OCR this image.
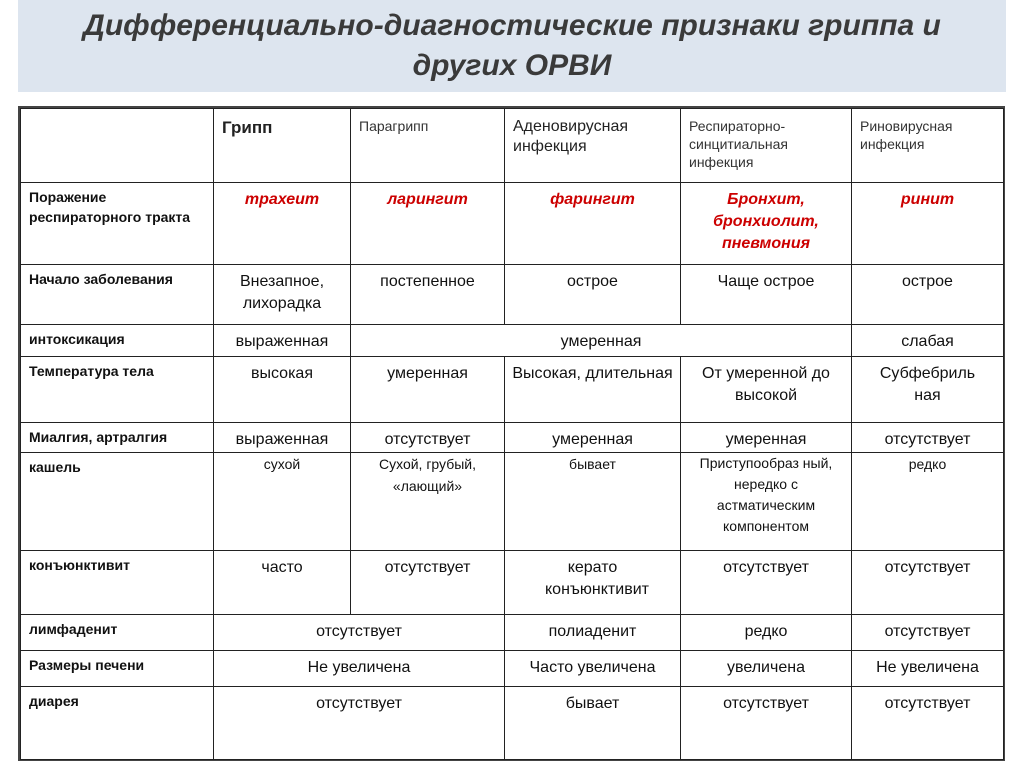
Дифференциально-диагностические признаки гриппа и других ОРВИ
	Грипп	Парагрипп	Аденовирусная инфекция	Респираторно-синцитиальная инфекция	Риновирусная инфекция
Поражение респираторного тракта	трахеит	ларингит	фарингит	Бронхит, бронхиолит, пневмония	ринит
Начало заболевания	Внезапное, лихорадка	постепенное	острое	Чаще острое	острое
интоксикация	выраженная	умеренная			слабая
Температура тела	высокая	умеренная	Высокая, длительная	От умеренной до высокой	Субфебриль ная
Миалгия, артралгия	выраженная	отсутствует	умеренная	умеренная	отсутствует
кашель	сухой	Сухой, грубый, «лающий»	бывает	Приступообраз ный, нередко с астматическим компонентом	редко
конъюнктивит	часто	отсутствует	керато конъюнктивит	отсутствует	отсутствует
лимфаденит	отсутствует		полиаденит	редко	отсутствует
Размеры печени	Не увеличена		Часто увеличена	увеличена	Не увеличена
диарея	отсутствует		бывает	отсутствует	отсутствует
